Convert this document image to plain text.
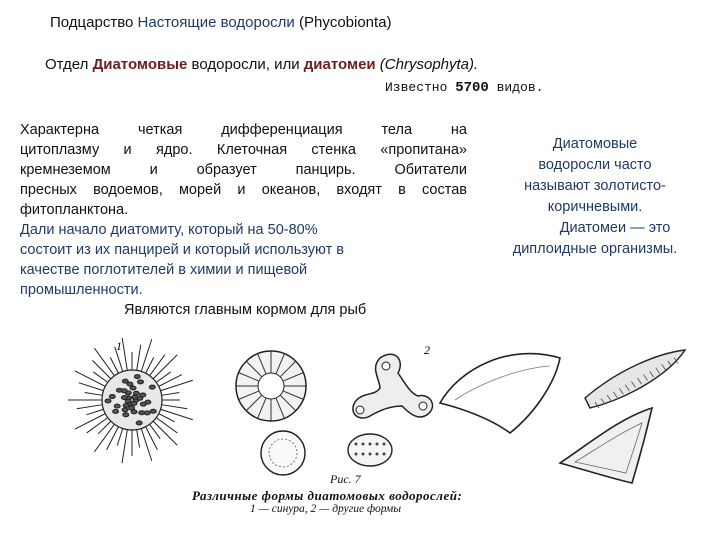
Подцарство Настоящие водоросли (Phycobionta)
Отдел Диатомовые водоросли, или диатомеи (Chrysophyta).
Известно 5700 видов.
Характерна четкая дифференциация тела на
цитоплазму и ядро. Клеточная стенка «пропитана»
кремнеземом и образует панцирь. Обитатели
пресных водоемов, морей и океанов, входят в состав
фитопланктона.
Дали начало диатомиту, который на 50-80%
состоит из их панцирей и который используют в
качестве поглотителей в химии и пищевой
промышленности.
Являются главным кормом для рыб
Диатомовые
водоросли часто
называют золотисто-
коричневыми.
Диатомеи — это
диплоидные организмы.
1	2
Рис. 7
Различные формы диатомовых водорослей:
1 — синура, 2 — другие формы
